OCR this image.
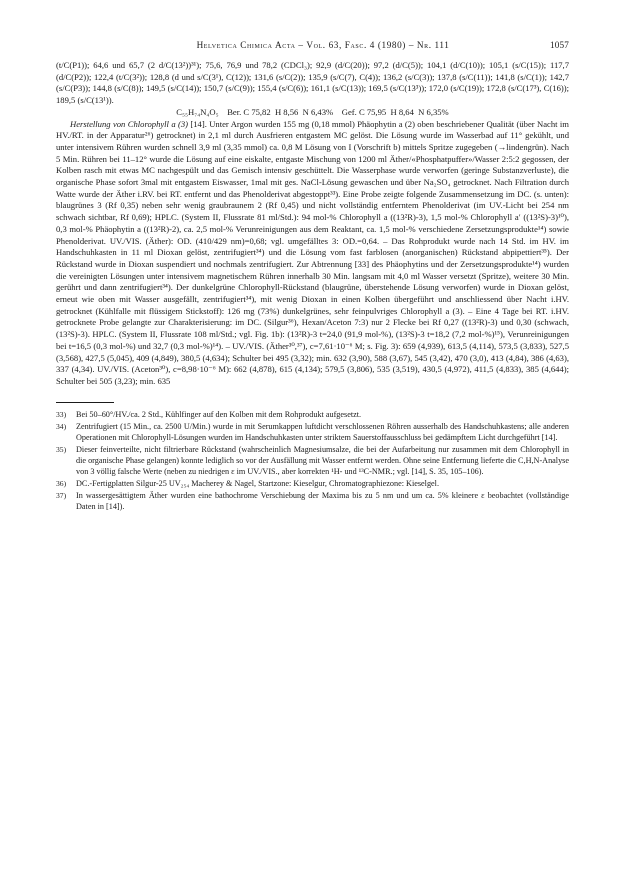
Helvetica Chimica Acta – Vol. 63, Fasc. 4 (1980) – Nr. 111	1057

(t/C(P1)); 64,6 und 65,7 (2 d/C(13²))³¹); 75,6, 76,9 und 78,2 (CDCl₃); 92,9 (d/C(20)); 97,2 (d/C(5)); 104,1 (d/C(10)); 105,1 (s/C(15)); 117,7 (d/C(P2)); 122,4 (t/C(3²)); 128,8 (d und s/C(3¹), C(12)); 131,6 (s/C(2)); 135,9 (s/C(7), C(4)); 136,2 (s/C(3)); 137,8 (s/C(11)); 141,8 (s/C(1)); 142,7 (s/C(P3)); 144,8 (s/C(8)); 149,5 (s/C(14)); 150,7 (s/C(9)); 155,4 (s/C(6)); 161,1 (s/C(13)); 169,5 (s/C(13³)); 172,0 (s/C(19)); 172,8 (s/C(17³), C(16)); 189,5 (s/C(13¹)).

C₅₅H₇₄N₄O₅    Ber. C 75,82  H 8,56  N 6,43%    Gef. C 75,95  H 8,64  N 6,35%

Herstellung von Chlorophyll a (3) [14]. Unter Argon wurden 155 mg (0,18 mmol) Phäophytin a (2) oben beschriebener Qualität (über Nacht im HV./RT. in der Apparatur²⁶) getrocknet) in 2,1 ml durch Ausfrieren entgastem MC gelöst. Die Lösung wurde im Wasserbad auf 11° gekühlt, und unter intensivem Rühren wurden schnell 3,9 ml (3,35 mmol) ca. 0,8 M Lösung von I (Vorschrift b) mittels Spritze zugegeben (→lindengrün). Nach 5 Min. Rühren bei 11–12° wurde die Lösung auf eine eiskalte, entgaste Mischung von 1200 ml Äther/«Phosphatpuffer»/Wasser 2:5:2 gegossen, der Kolben rasch mit etwas MC nachgespült und das Gemisch intensiv geschüttelt. Die Wasserphase wurde verworfen (geringe Substanzverluste), die organische Phase sofort 3mal mit entgastem Eiswasser, 1mal mit ges. NaCl-Lösung gewaschen und über Na₂SO₄ getrocknet. Nach Filtration durch Watte wurde der Äther i.RV. bei RT. entfernt und das Phenolderivat abgestoppt³³). Eine Probe zeigte folgende Zusammensetzung im DC. (s. unten): blaugrünes 3 (Rf 0,35) neben sehr wenig graubraunem 2 (Rf 0,45) und nicht vollständig entferntem Phenolderivat (im UV.-Licht bei 254 nm schwach sichtbar, Rf 0,69); HPLC. (System II, Flussrate 81 ml/Std.): 94 mol-% Chlorophyll a ((13²R)-3), 1,5 mol-% Chlorophyll a′ ((13²S)-3)¹⁰), 0,3 mol-% Phäophytin a ((13²R)-2), ca. 2,5 mol-% Verunreinigungen aus dem Reaktant, ca. 1,5 mol-% verschiedene Zersetzungsprodukte¹⁴) sowie Phenolderivat. UV./VIS. (Äther): OD. (410/429 nm)=0,68; vgl. umgefälltes 3: OD.=0,64. – Das Rohprodukt wurde nach 14 Std. im HV. im Handschuhkasten in 11 ml Dioxan gelöst, zentrifugiert³⁴) und die Lösung vom fast farblosen (anorganischen) Rückstand abpipettiert³⁵). Der Rückstand wurde in Dioxan suspendiert und nochmals zentrifugiert. Zur Abtrennung [33] des Phäophytins und der Zersetzungsprodukte¹⁴) wurden die vereinigten Lösungen unter intensivem magnetischem Rühren innerhalb 30 Min. langsam mit 4,0 ml Wasser versetzt (Spritze), weitere 30 Min. gerührt und dann zentrifugiert³⁴). Der dunkelgrüne Chlorophyll-Rückstand (blaugrüne, überstehende Lösung verworfen) wurde in Dioxan gelöst, erneut wie oben mit Wasser ausgefällt, zentrifugiert³⁴), mit wenig Dioxan in einen Kolben übergeführt und anschliessend über Nacht i.HV. getrocknet (Kühlfalle mit flüssigem Stickstoff): 126 mg (73%) dunkelgrünes, sehr feinpulvriges Chlorophyll a (3). – Eine 4 Tage bei RT. i.HV. getrocknete Probe gelangte zur Charakterisierung: im DC. (Silgur³⁶), Hexan/Aceton 7:3) nur 2 Flecke bei Rf 0,27 ((13²R)-3) und 0,30 (schwach, (13²S)-3). HPLC. (System II, Flussrate 108 ml/Std.; vgl. Fig. 1b): (13²R)-3 t=24,0 (91,9 mol-%), (13²S)-3 t=18,2 (7,2 mol-%)¹⁵), Verunreinigungen bei t=16,5 (0,3 mol-%) und 32,7 (0,3 mol-%)¹⁴). – UV./VIS. (Äther³⁰,³⁷), c=7,61·10⁻⁶ M; s. Fig. 3): 659 (4,939), 613,5 (4,114), 573,5 (3,833), 527,5 (3,568), 427,5 (5,045), 409 (4,849), 380,5 (4,634); Schulter bei 495 (3,32); min. 632 (3,90), 588 (3,67), 545 (3,42), 470 (3,0), 413 (4,84), 386 (4,63), 337 (4,34). UV./VIS. (Aceton³⁰), c=8,98·10⁻⁶ M): 662 (4,878), 615 (4,134); 579,5 (3,806), 535 (3,519), 430,5 (4,972), 411,5 (4,833), 385 (4,644); Schulter bei 505 (3,23); min. 635

33)	Bei 50–60°/HV./ca. 2 Std., Kühlfinger auf den Kolben mit dem Rohprodukt aufgesetzt.
34)	Zentrifugiert (15 Min., ca. 2500 U/Min.) wurde in mit Serumkappen luftdicht verschlossenen Röhren ausserhalb des Handschuhkastens; alle anderen Operationen mit Chlorophyll-Lösungen wurden im Handschuhkasten unter striktem Sauerstoffausschluss bei gedämpftem Licht durchgeführt [14].
35)	Dieser feinverteilte, nicht filtrierbare Rückstand (wahrscheinlich Magnesiumsalze, die bei der Aufarbeitung nur zusammen mit dem Chlorophyll in die organische Phase gelangen) konnte lediglich so vor der Ausfällung mit Wasser entfernt werden. Ohne seine Entfernung lieferte die C,H,N-Analyse von 3 völlig falsche Werte (neben zu niedrigen ε im UV./VIS., aber korrekten ¹H- und ¹³C-NMR.; vgl. [14], S. 35, 105–106).
36)	DC.-Fertigplatten Silgur-25 UV₂₅₄ Macherey & Nagel, Startzone: Kieselgur, Chromatographiezone: Kieselgel.
37)	In wassergesättigtem Äther wurden eine bathochrome Verschiebung der Maxima bis zu 5 nm und um ca. 5% kleinere ε beobachtet (vollständige Daten in [14]).
